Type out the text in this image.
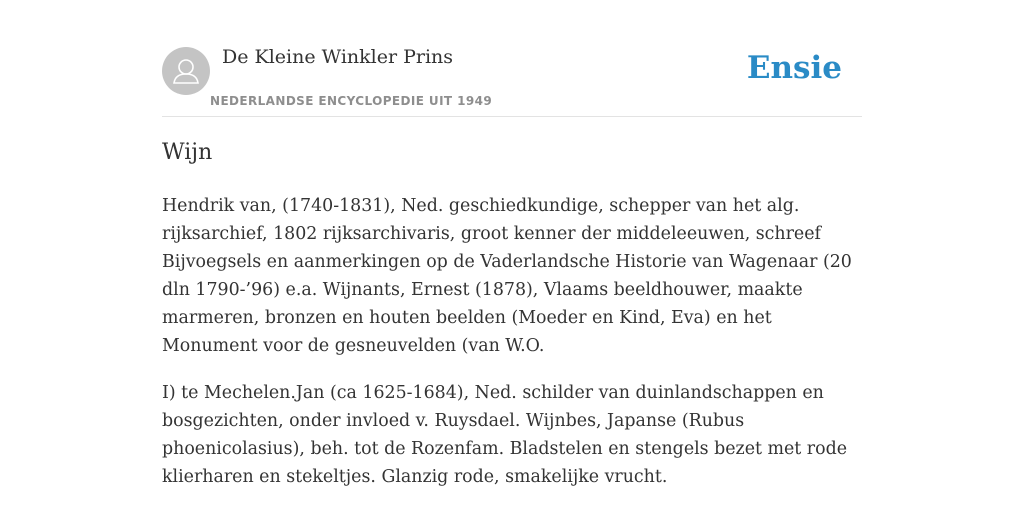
De Kleine Winkler Prins
NEDERLANDSE ENCYCLOPEDIE UIT 1949
Ensie
Wijn

Hendrik van, (1740-1831), Ned. geschiedkundige, schepper van het alg. rijksarchief, 1802 rijksarchivaris, groot kenner der middeleeuwen, schreef Bijvoegsels en aanmerkingen op de Vaderlandsche Historie van Wagenaar (20 dln 1790-’96) e.a. Wijnants, Ernest (1878), Vlaams beeldhouwer, maakte marmeren, bronzen en houten beelden (Moeder en Kind, Eva) en het Monument voor de gesneuvelden (van W.O.

I) te Mechelen.Jan (ca 1625-1684), Ned. schilder van duinlandschappen en bosgezichten, onder invloed v. Ruysdael. Wijnbes, Japanse (Rubus phoenicolasius), beh. tot de Rozenfam. Bladstelen en stengels bezet met rode klierharen en stekeltjes. Glanzig rode, smakelijke vrucht.
